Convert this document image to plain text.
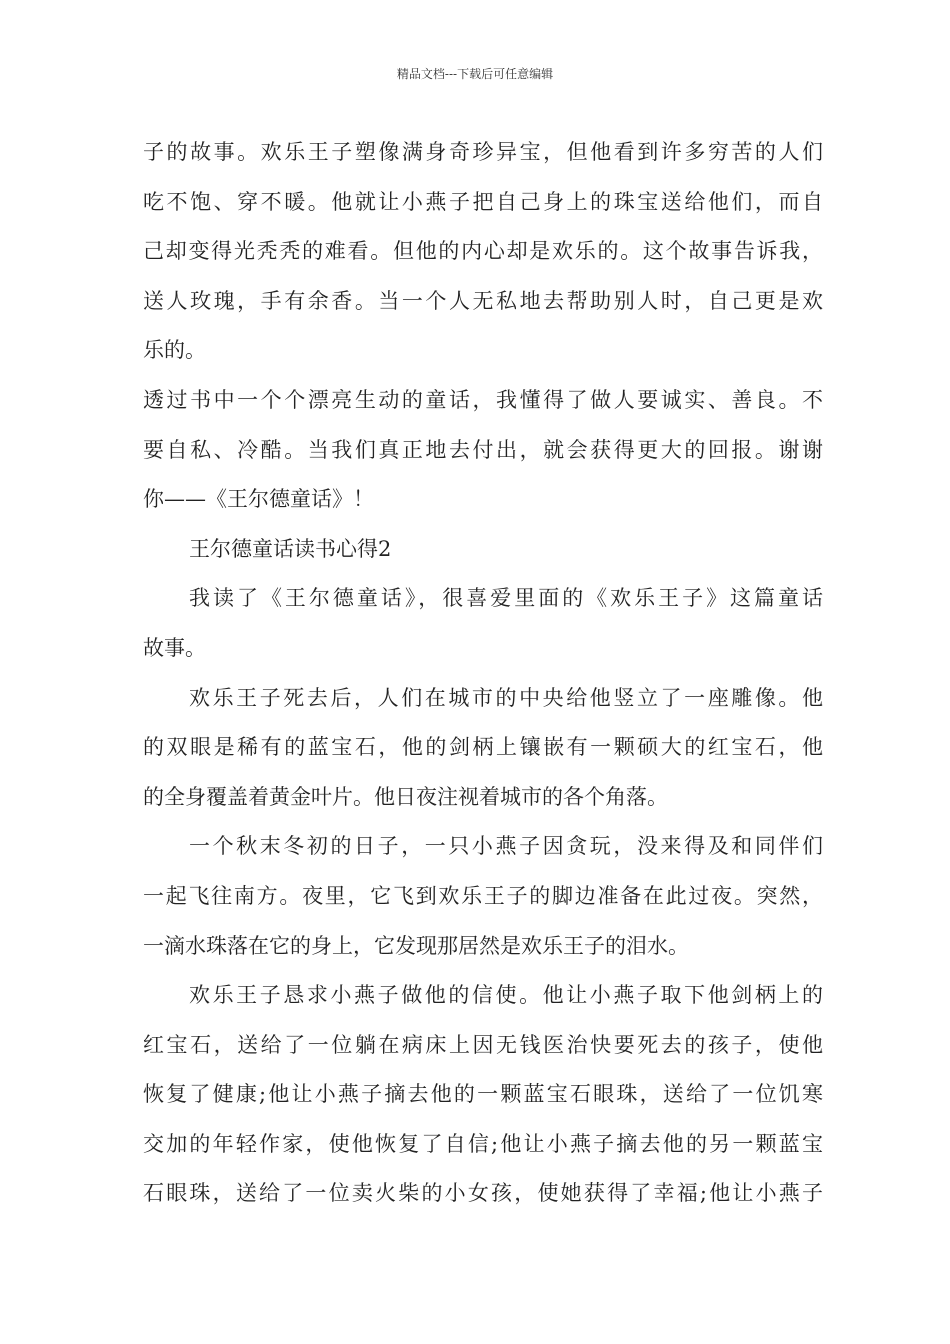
精品文档---下载后可任意编辑
子的故事。欢乐王子塑像满身奇珍异宝，但他看到许多穷苦的人们
吃不饱、穿不暖。他就让小燕子把自己身上的珠宝送给他们，而自
己却变得光秃秃的难看。但他的内心却是欢乐的。这个故事告诉我，
送人玫瑰，手有余香。当一个人无私地去帮助别人时，自己更是欢
乐的。
透过书中一个个漂亮生动的童话，我懂得了做人要诚实、善良。不
要自私、冷酷。当我们真正地去付出，就会获得更大的回报。谢谢
你——《王尔德童话》！
王尔德童话读书心得2
我读了《王尔德童话》，很喜爱里面的《欢乐王子》这篇童话
故事。
欢乐王子死去后，人们在城市的中央给他竖立了一座雕像。他
的双眼是稀有的蓝宝石，他的剑柄上镶嵌有一颗硕大的红宝石，他
的全身覆盖着黄金叶片。他日夜注视着城市的各个角落。
一个秋末冬初的日子，一只小燕子因贪玩，没来得及和同伴们
一起飞往南方。夜里，它飞到欢乐王子的脚边准备在此过夜。突然，
一滴水珠落在它的身上，它发现那居然是欢乐王子的泪水。
欢乐王子恳求小燕子做他的信使。他让小燕子取下他剑柄上的
红宝石，送给了一位躺在病床上因无钱医治快要死去的孩子，使他
恢复了健康;他让小燕子摘去他的一颗蓝宝石眼珠，送给了一位饥寒
交加的年轻作家，使他恢复了自信;他让小燕子摘去他的另一颗蓝宝
石眼珠，送给了一位卖火柴的小女孩，使她获得了幸福;他让小燕子
